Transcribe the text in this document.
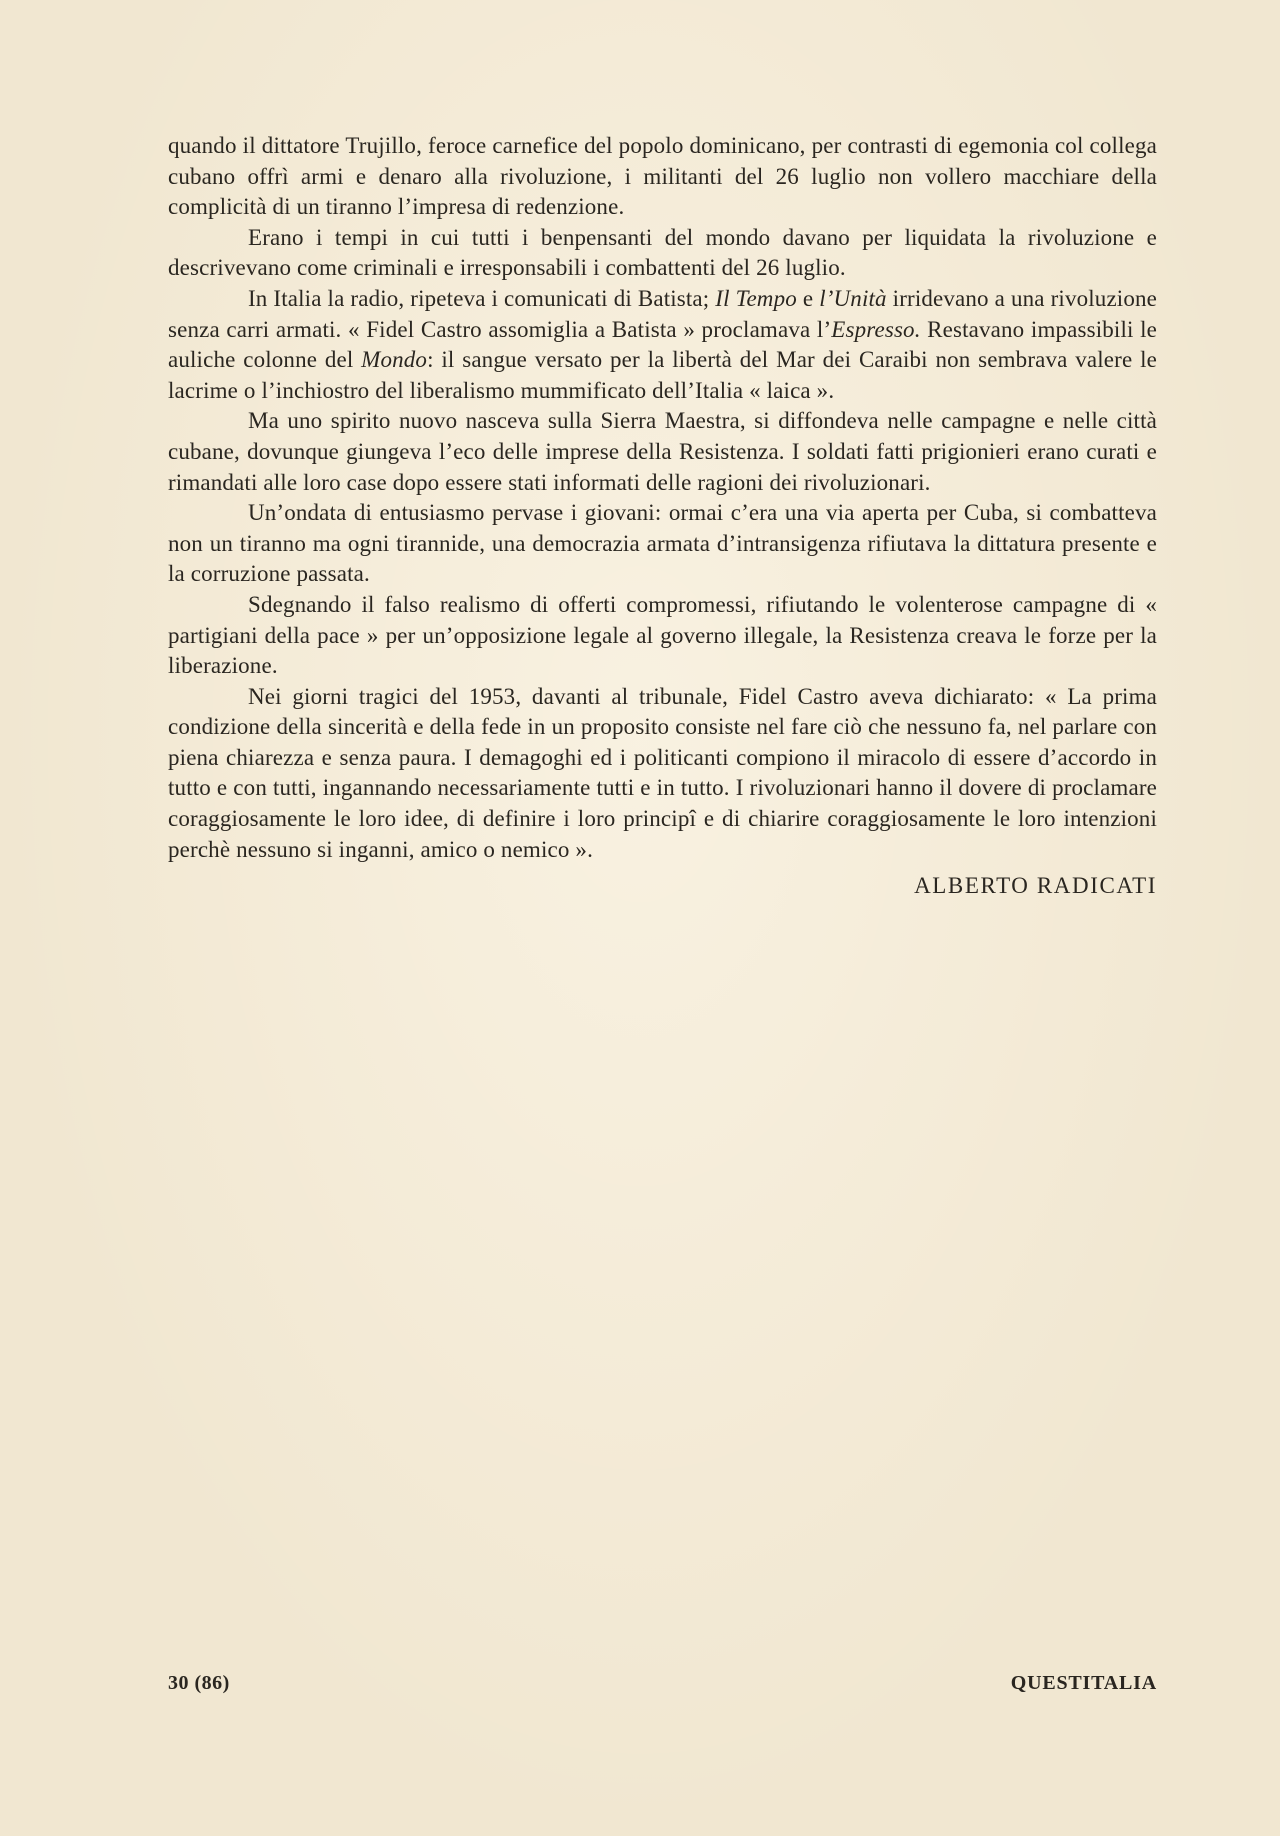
quando il dittatore Trujillo, feroce carnefice del popolo dominicano, per contrasti di egemonia col collega cubano offrì armi e denaro alla rivoluzione, i militanti del 26 luglio non vollero macchiare della complicità di un tiranno l’impresa di redenzione.

Erano i tempi in cui tutti i benpensanti del mondo davano per liquidata la rivoluzione e descrivevano come criminali e irresponsabili i combattenti del 26 luglio.

In Italia la radio, ripeteva i comunicati di Batista; Il Tempo e l’Unità irridevano a una rivoluzione senza carri armati. « Fidel Castro assomiglia a Batista » proclamava l’Espresso. Restavano impassibili le auliche colonne del Mondo: il sangue versato per la libertà del Mar dei Caraibi non sembrava valere le lacrime o l’inchiostro del liberalismo mummificato dell’Italia « laica ».

Ma uno spirito nuovo nasceva sulla Sierra Maestra, si diffondeva nelle campagne e nelle città cubane, dovunque giungeva l’eco delle imprese della Resistenza. I soldati fatti prigionieri erano curati e rimandati alle loro case dopo essere stati informati delle ragioni dei rivoluzionari.

Un’ondata di entusiasmo pervase i giovani: ormai c’era una via aperta per Cuba, si combatteva non un tiranno ma ogni tirannide, una democrazia armata d’intransigenza rifiutava la dittatura presente e la corruzione passata.

Sdegnando il falso realismo di offerti compromessi, rifiutando le volenterose campagne di « partigiani della pace » per un’opposizione legale al governo illegale, la Resistenza creava le forze per la liberazione.

Nei giorni tragici del 1953, davanti al tribunale, Fidel Castro aveva dichiarato: « La prima condizione della sincerità e della fede in un proposito consiste nel fare ciò che nessuno fa, nel parlare con piena chiarezza e senza paura. I demagoghi ed i politicanti compiono il miracolo di essere d’accordo in tutto e con tutti, ingannando necessariamente tutti e in tutto. I rivoluzionari hanno il dovere di proclamare coraggiosamente le loro idee, di definire i loro principî e di chiarire coraggiosamente le loro intenzioni perchè nessuno si inganni, amico o nemico ».

ALBERTO RADICATI

30 (86)	QUESTITALIA
